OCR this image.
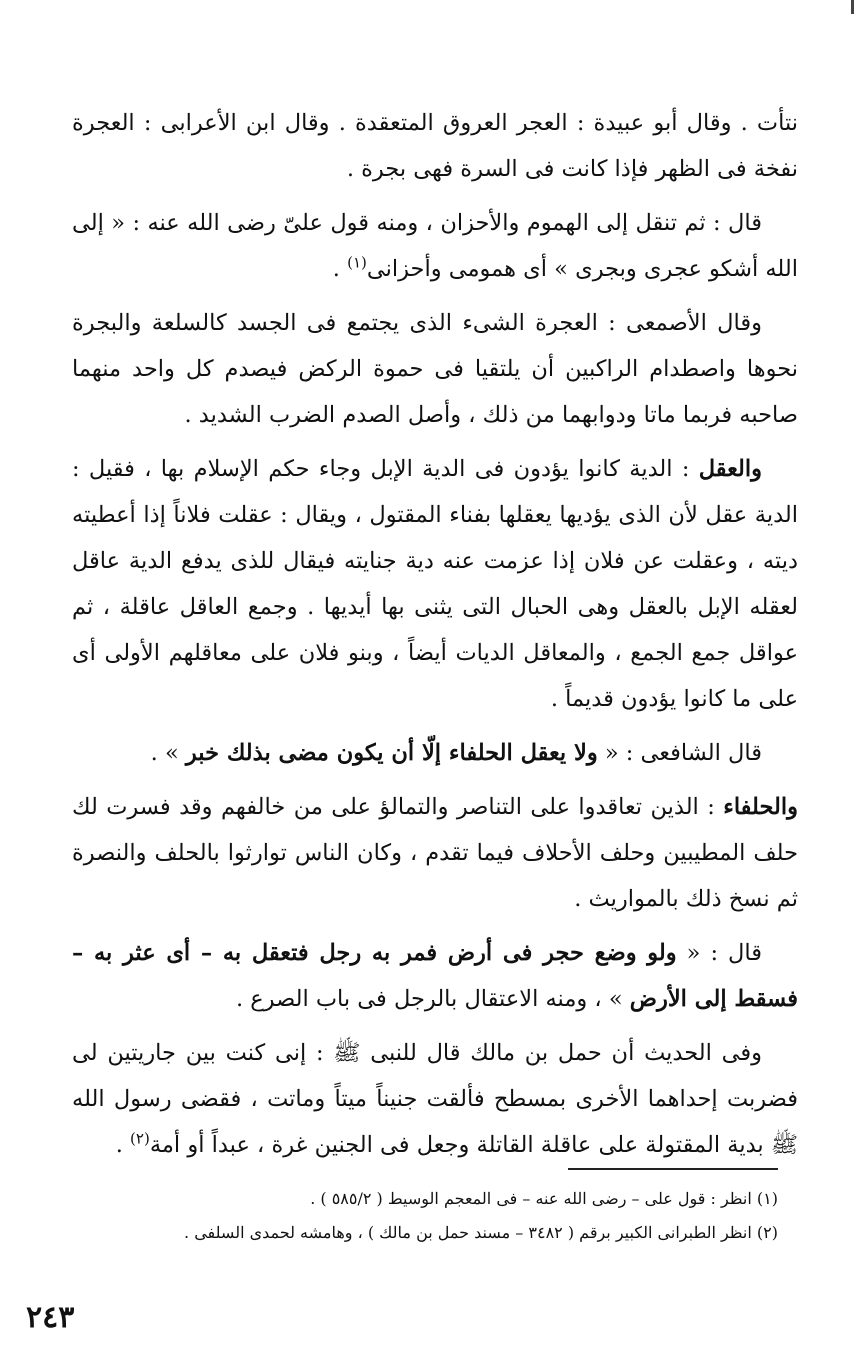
نتأت . وقال أبو عبيدة : العجر العروق المتعقدة . وقال ابن الأعرابى : العجرة نفخة فى الظهر فإذا كانت فى السرة فهى بجرة .

قال : ثم تنقل إلى الهموم والأحزان ، ومنه قول علىّ رضى الله عنه : « إلى الله أشكو عجرى وبجرى » أى همومى وأحزانى$^{(١)}$ .

وقال الأصمعى : العجرة الشىء الذى يجتمع فى الجسد كالسلعة والبجرة نحوها واصطدام الراكبين أن يلتقيا فى حموة الركض فيصدم كل واحد منهما صاحبه فربما ماتا ودوابهما من ذلك ، وأصل الصدم الضرب الشديد .

والعقل : الدية كانوا يؤدون فى الدية الإبل وجاء حكم الإسلام بها ، فقيل : الدية عقل لأن الذى يؤديها يعقلها بفناء المقتول ، ويقال : عقلت فلاناً إذا أعطيته ديته ، وعقلت عن فلان إذا عزمت عنه دية جنايته فيقال للذى يدفع الدية عاقل لعقله الإبل بالعقل وهى الحبال التى يثنى بها أيديها . وجمع العاقل عاقلة ، ثم عواقل جمع الجمع ، والمعاقل الديات أيضاً ، وبنو فلان على معاقلهم الأولى أى على ما كانوا يؤدون قديماً .

قال الشافعى : « ولا يعقل الحلفاء إلّا أن يكون مضى بذلك خبر » .

والحلفاء : الذين تعاقدوا على التناصر والتمالؤ على من خالفهم وقد فسرت لك حلف المطيبين وحلف الأحلاف فيما تقدم ، وكان الناس توارثوا بالحلف والنصرة ثم نسخ ذلك بالمواريث .

قال : « ولو وضع حجر فى أرض فمر به رجل فتعقل به – أى عثر به – فسقط إلى الأرض » ، ومنه الاعتقال بالرجل فى باب الصرع .

وفى الحديث أن حمل بن مالك قال للنبى ﷺ : إنى كنت بين جاريتين لى فضربت إحداهما الأخرى بمسطح فألقت جنيناً ميتاً وماتت ، فقضى رسول الله ﷺ بدية المقتولة على عاقلة القاتلة وجعل فى الجنين غرة ، عبداً أو أمة$^{(٢)}$ .

(١) انظر : قول على – رضى الله عنه – فى المعجم الوسيط ( ٥٨٥/٢ ) .

(٢) انظر الطبرانى الكبير برقم ( ٣٤٨٢ – مسند حمل بن مالك ) ، وهامشه لحمدى السلفى .

٢٤٣
